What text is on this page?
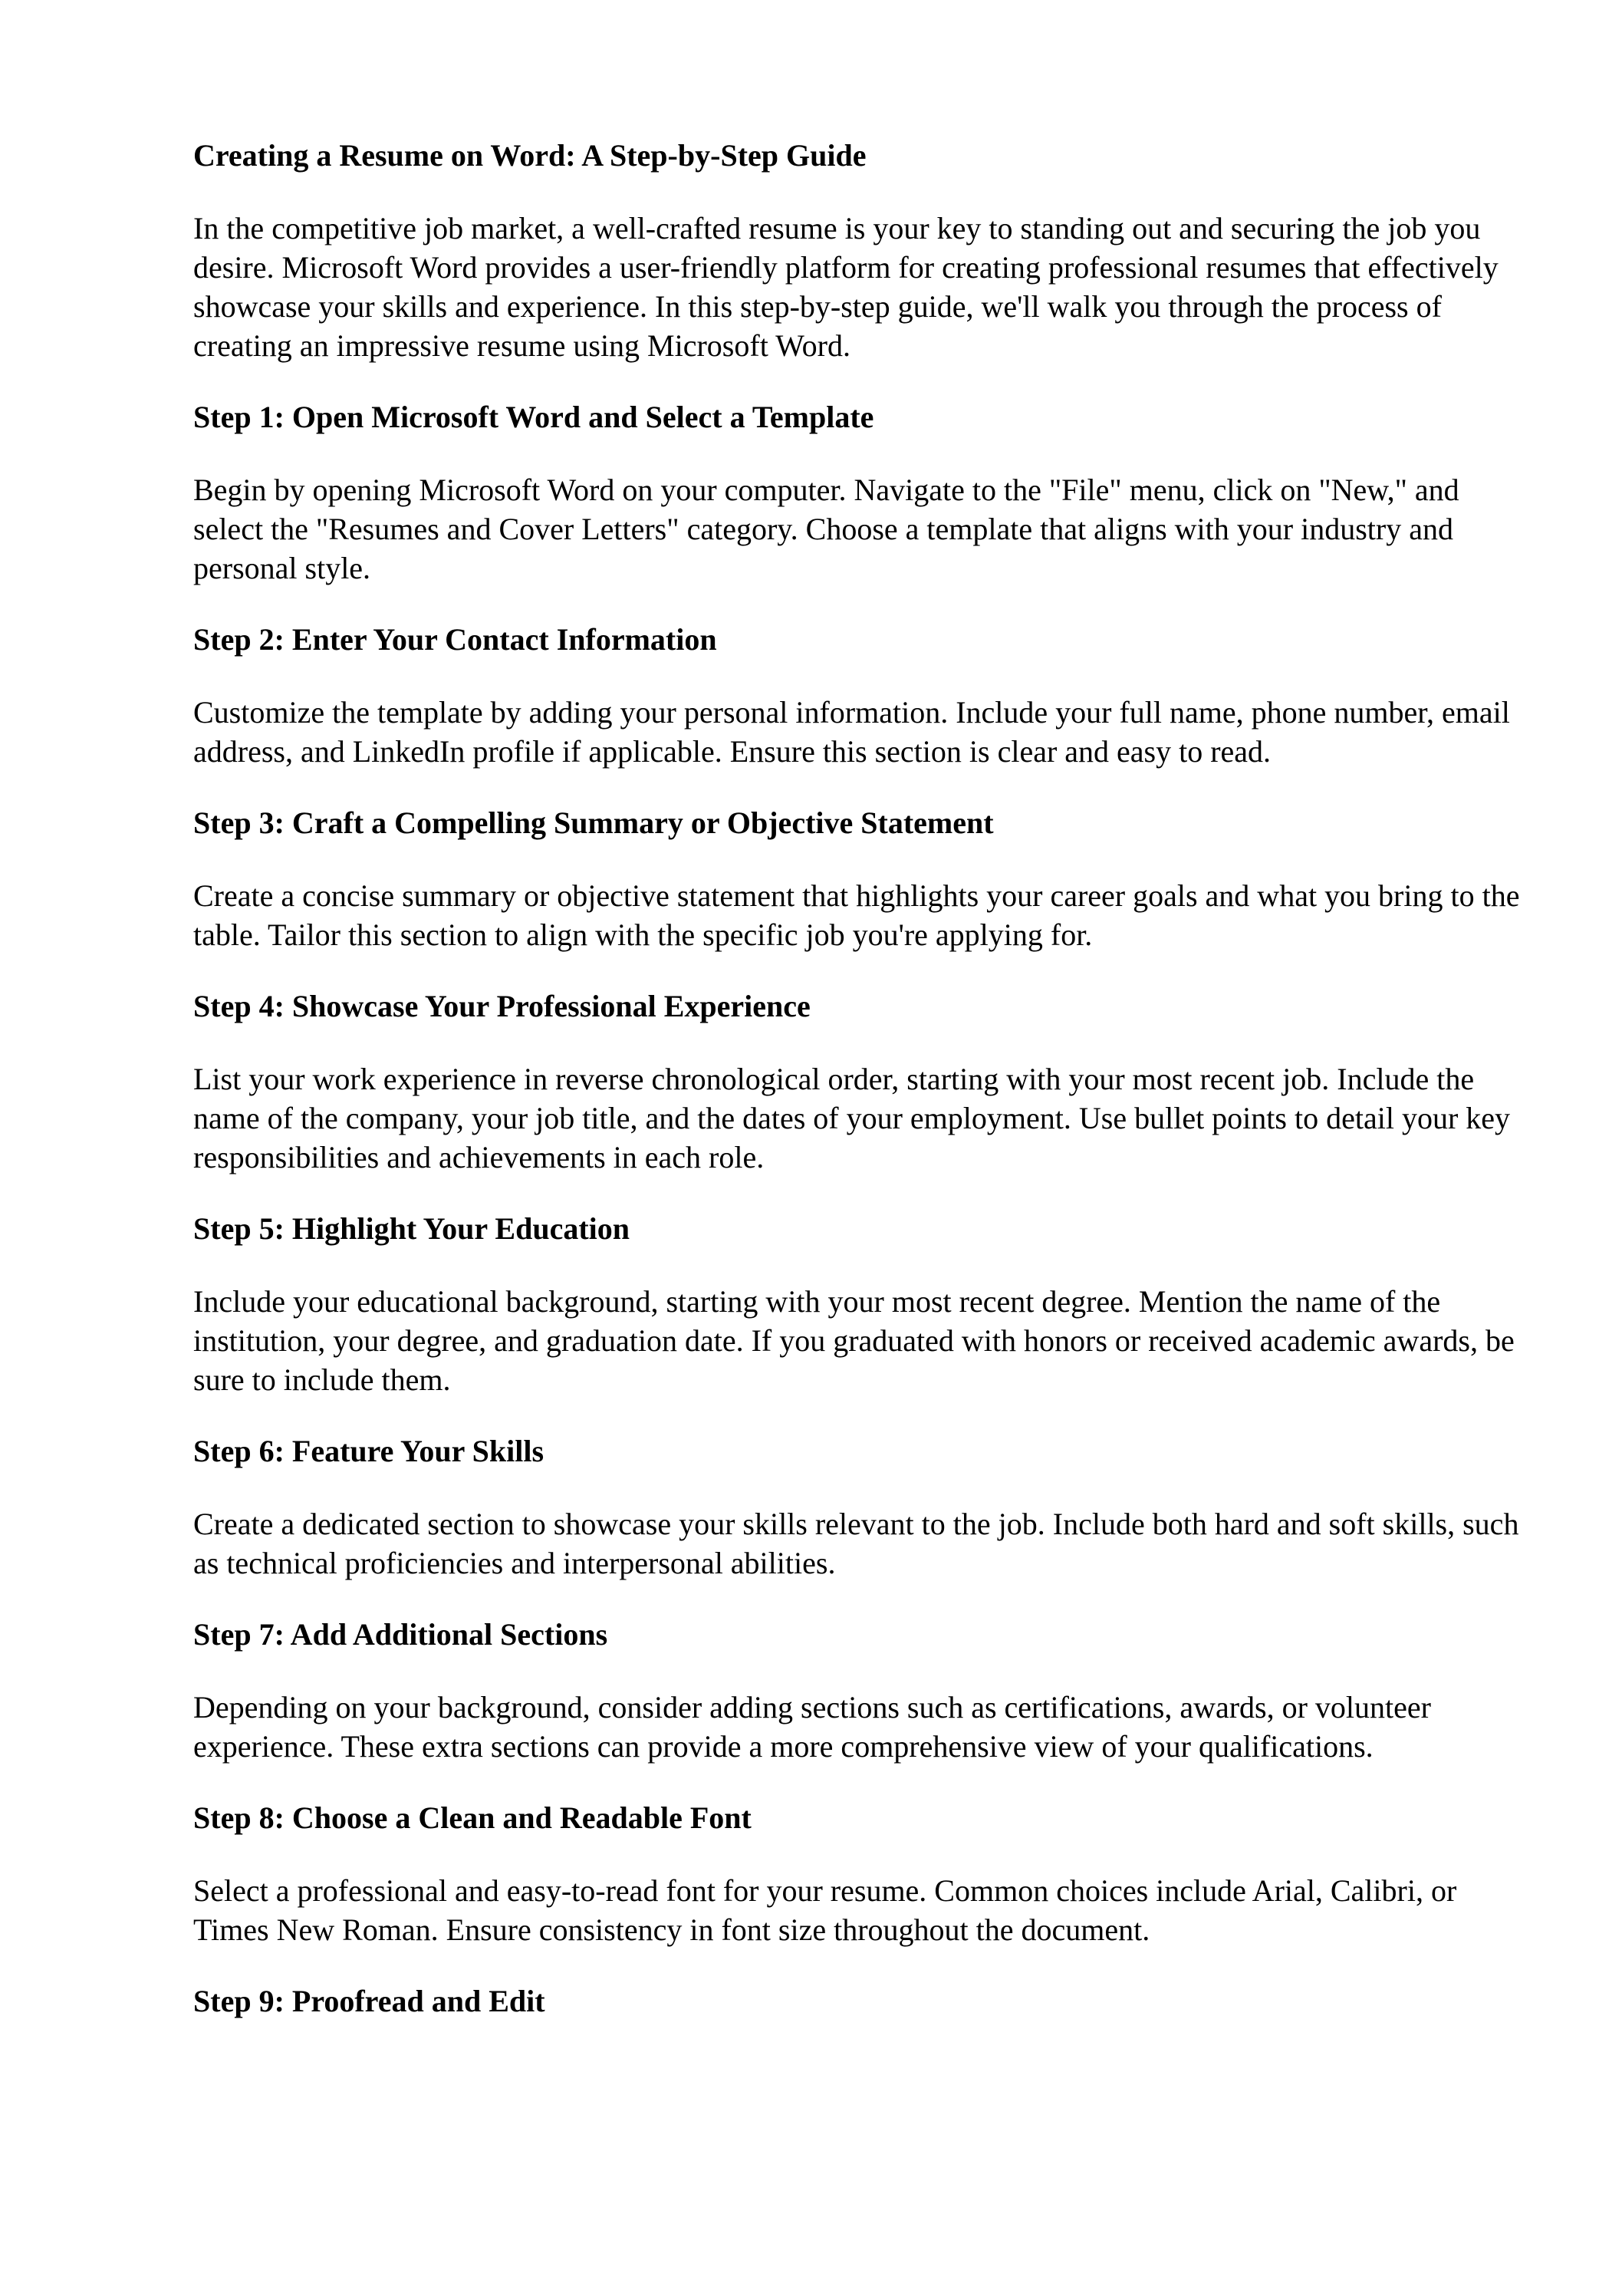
Creating a Resume on Word: A Step-by-Step Guide

In the competitive job market, a well-crafted resume is your key to standing out and securing the job you desire. Microsoft Word provides a user-friendly platform for creating professional resumes that effectively showcase your skills and experience. In this step-by-step guide, we'll walk you through the process of creating an impressive resume using Microsoft Word.

Step 1: Open Microsoft Word and Select a Template

Begin by opening Microsoft Word on your computer. Navigate to the "File" menu, click on "New," and select the "Resumes and Cover Letters" category. Choose a template that aligns with your industry and personal style.

Step 2: Enter Your Contact Information

Customize the template by adding your personal information. Include your full name, phone number, email address, and LinkedIn profile if applicable. Ensure this section is clear and easy to read.

Step 3: Craft a Compelling Summary or Objective Statement

Create a concise summary or objective statement that highlights your career goals and what you bring to the table. Tailor this section to align with the specific job you're applying for.

Step 4: Showcase Your Professional Experience

List your work experience in reverse chronological order, starting with your most recent job. Include the name of the company, your job title, and the dates of your employment. Use bullet points to detail your key responsibilities and achievements in each role.

Step 5: Highlight Your Education

Include your educational background, starting with your most recent degree. Mention the name of the institution, your degree, and graduation date. If you graduated with honors or received academic awards, be sure to include them.

Step 6: Feature Your Skills

Create a dedicated section to showcase your skills relevant to the job. Include both hard and soft skills, such as technical proficiencies and interpersonal abilities.

Step 7: Add Additional Sections

Depending on your background, consider adding sections such as certifications, awards, or volunteer experience. These extra sections can provide a more comprehensive view of your qualifications.

Step 8: Choose a Clean and Readable Font

Select a professional and easy-to-read font for your resume. Common choices include Arial, Calibri, or Times New Roman. Ensure consistency in font size throughout the document.

Step 9: Proofread and Edit
